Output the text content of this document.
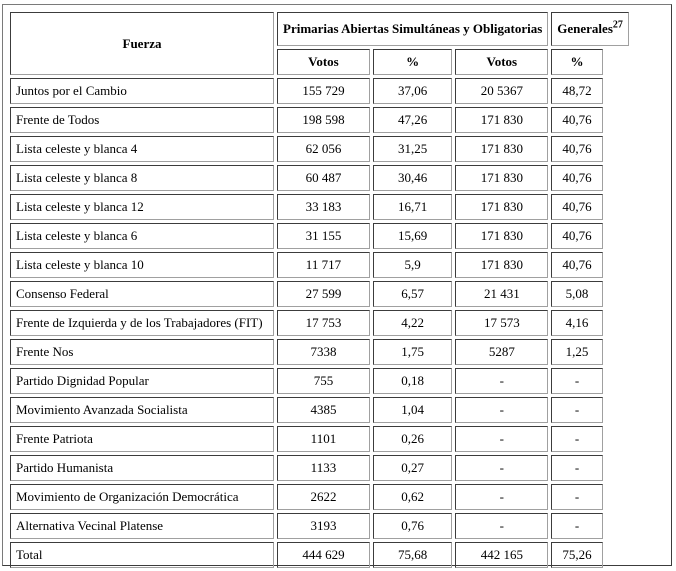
Fuerza	Primarias Abiertas Simultáneas y Obligatorias			Generales$^{27}$
	Votos	%	Votos	%
Juntos por el Cambio	155 729	37,06	20 5367	48,72
Frente de Todos	198 598	47,26	171 830	40,76
Lista celeste y blanca 4	62 056	31,25	171 830	40,76
Lista celeste y blanca 8	60 487	30,46	171 830	40,76
Lista celeste y blanca 12	33 183	16,71	171 830	40,76
Lista celeste y blanca 6	31 155	15,69	171 830	40,76
Lista celeste y blanca 10	11 717	5,9	171 830	40,76
Consenso Federal	27 599	6,57	21 431	5,08
Frente de Izquierda y de los Trabajadores (FIT)	17 753	4,22	17 573	4,16
Frente Nos	7338	1,75	5287	1,25
Partido Dignidad Popular	755	0,18	-	-
Movimiento Avanzada Socialista	4385	1,04	-	-
Frente Patriota	1101	0,26	-	-
Partido Humanista	1133	0,27	-	-
Movimiento de Organización Democrática	2622	0,62	-	-
Alternativa Vecinal Platense	3193	0,76	-	-
Total	444 629	75,68	442 165	75,26
